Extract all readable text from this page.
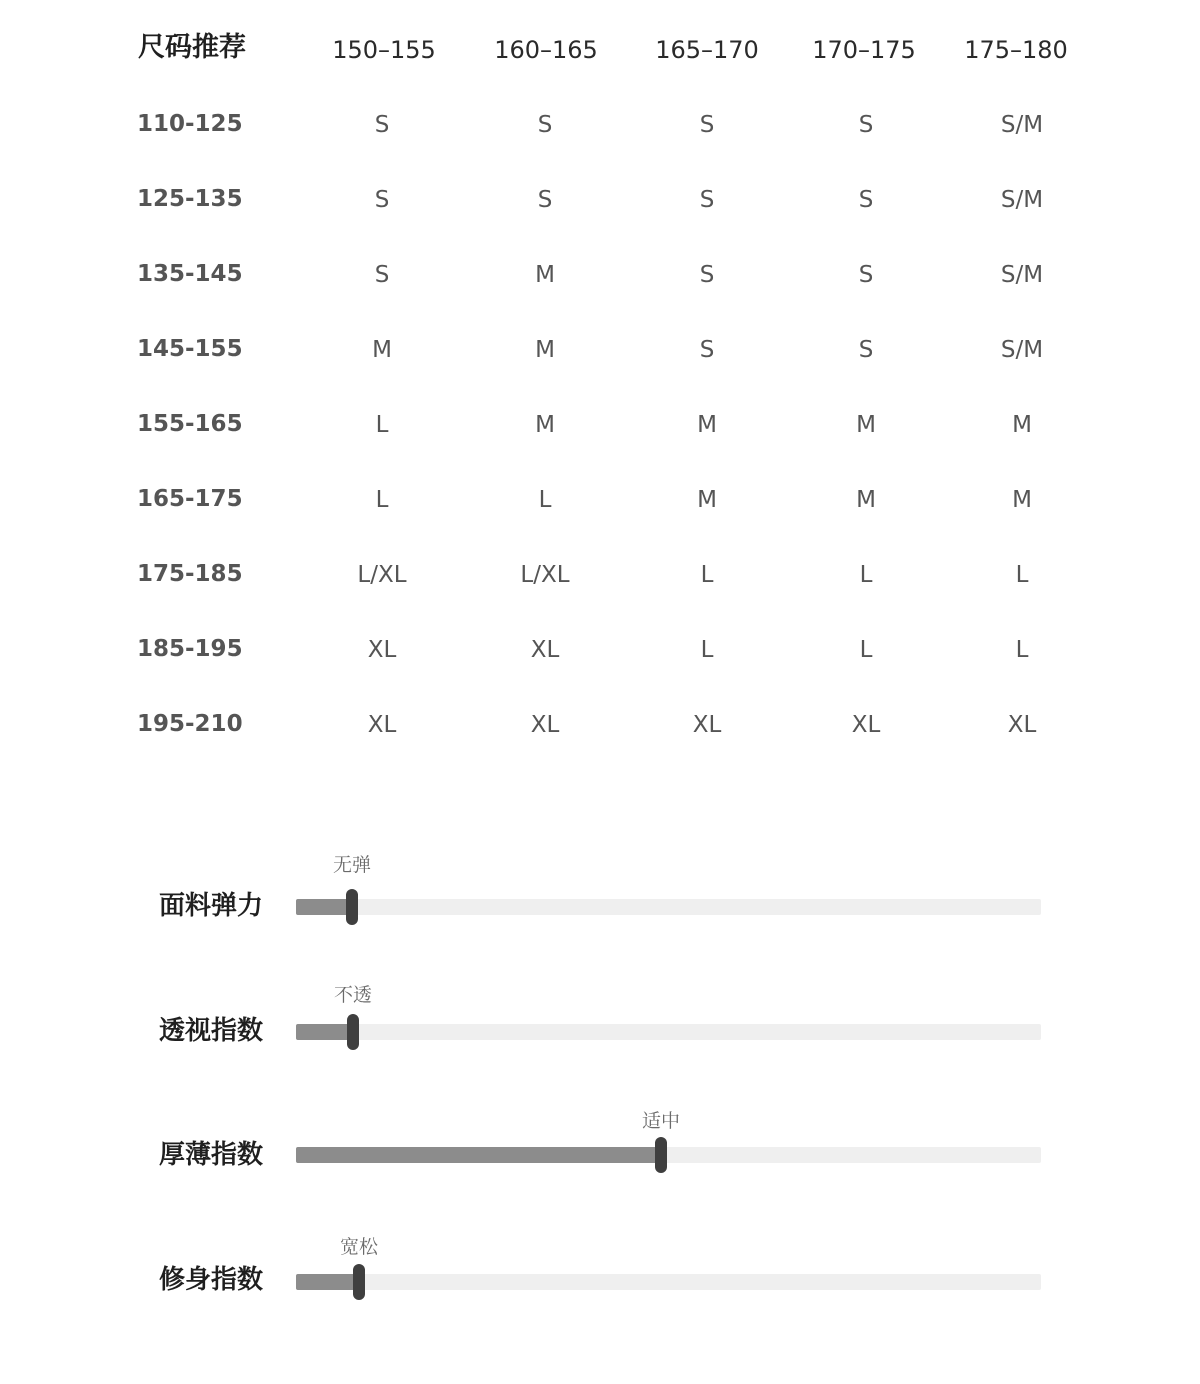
尺码推荐	150–155	160–165	165–170	170–175	175–180
110-125	S	S	S	S	S/M
125-135	S	S	S	S	S/M
135-145	S	M	S	S	S/M
145-155	M	M	S	S	S/M
155-165	L	M	M	M	M
165-175	L	L	M	M	M
175-185	L/XL	L/XL	L	L	L
185-195	XL	XL	L	L	L
195-210	XL	XL	XL	XL	XL
无弹
面料弹力
不透
透视指数
适中
厚薄指数
宽松
修身指数
